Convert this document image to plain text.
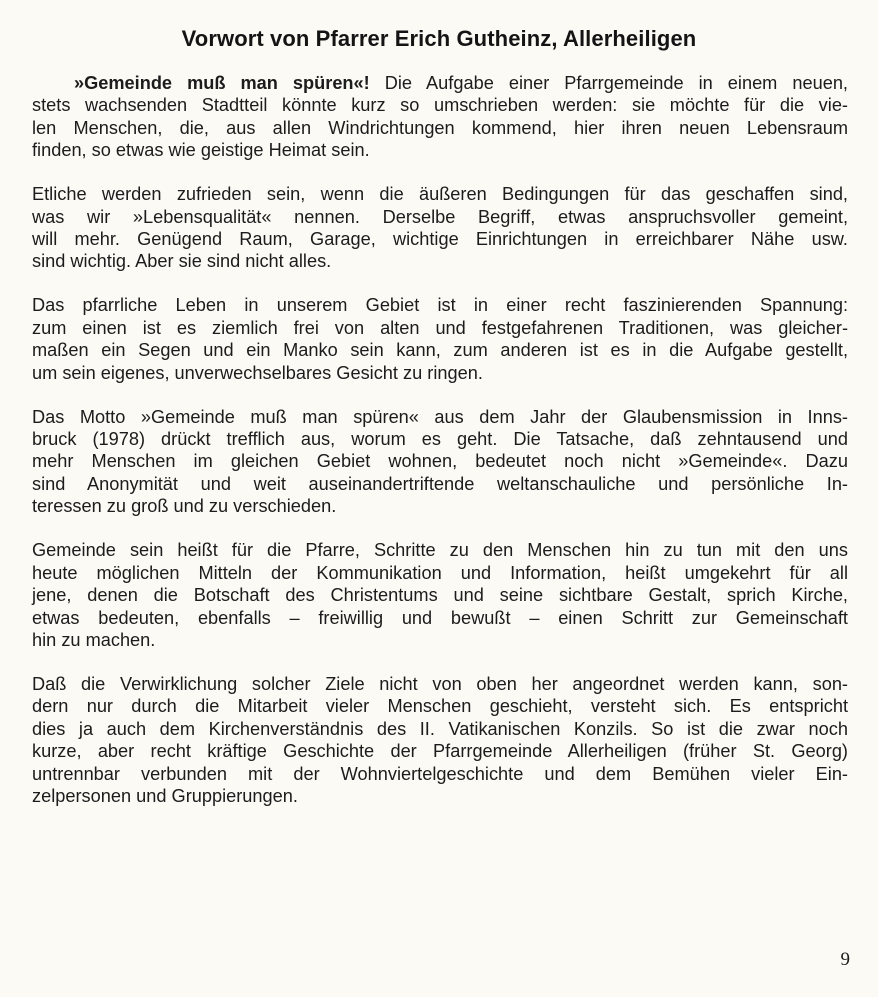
Vorwort von Pfarrer Erich Gutheinz, Allerheiligen
»Gemeinde muß man spüren«! Die Aufgabe einer Pfarrgemeinde in einem neuen,
stets wachsenden Stadtteil könnte kurz so umschrieben werden: sie möchte für die vie-
len Menschen, die, aus allen Windrichtungen kommend, hier ihren neuen Lebensraum
finden, so etwas wie geistige Heimat sein.
Etliche werden zufrieden sein, wenn die äußeren Bedingungen für das geschaffen sind,
was wir »Lebensqualität« nennen. Derselbe Begriff, etwas anspruchsvoller gemeint,
will mehr. Genügend Raum, Garage, wichtige Einrichtungen in erreichbarer Nähe usw.
sind wichtig. Aber sie sind nicht alles.
Das pfarrliche Leben in unserem Gebiet ist in einer recht faszinierenden Spannung:
zum einen ist es ziemlich frei von alten und festgefahrenen Traditionen, was gleicher-
maßen ein Segen und ein Manko sein kann, zum anderen ist es in die Aufgabe gestellt,
um sein eigenes, unverwechselbares Gesicht zu ringen.
Das Motto »Gemeinde muß man spüren« aus dem Jahr der Glaubensmission in Inns-
bruck (1978) drückt trefflich aus, worum es geht. Die Tatsache, daß zehntausend und
mehr Menschen im gleichen Gebiet wohnen, bedeutet noch nicht »Gemeinde«. Dazu
sind Anonymität und weit auseinandertriftende weltanschauliche und persönliche In-
teressen zu groß und zu verschieden.
Gemeinde sein heißt für die Pfarre, Schritte zu den Menschen hin zu tun mit den uns
heute möglichen Mitteln der Kommunikation und Information, heißt umgekehrt für all
jene, denen die Botschaft des Christentums und seine sichtbare Gestalt, sprich Kirche,
etwas bedeuten, ebenfalls – freiwillig und bewußt – einen Schritt zur Gemeinschaft
hin zu machen.
Daß die Verwirklichung solcher Ziele nicht von oben her angeordnet werden kann, son-
dern nur durch die Mitarbeit vieler Menschen geschieht, versteht sich. Es entspricht
dies ja auch dem Kirchenverständnis des II. Vatikanischen Konzils. So ist die zwar noch
kurze, aber recht kräftige Geschichte der Pfarrgemeinde Allerheiligen (früher St. Georg)
untrennbar verbunden mit der Wohnviertelgeschichte und dem Bemühen vieler Ein-
zelpersonen und Gruppierungen.
9
